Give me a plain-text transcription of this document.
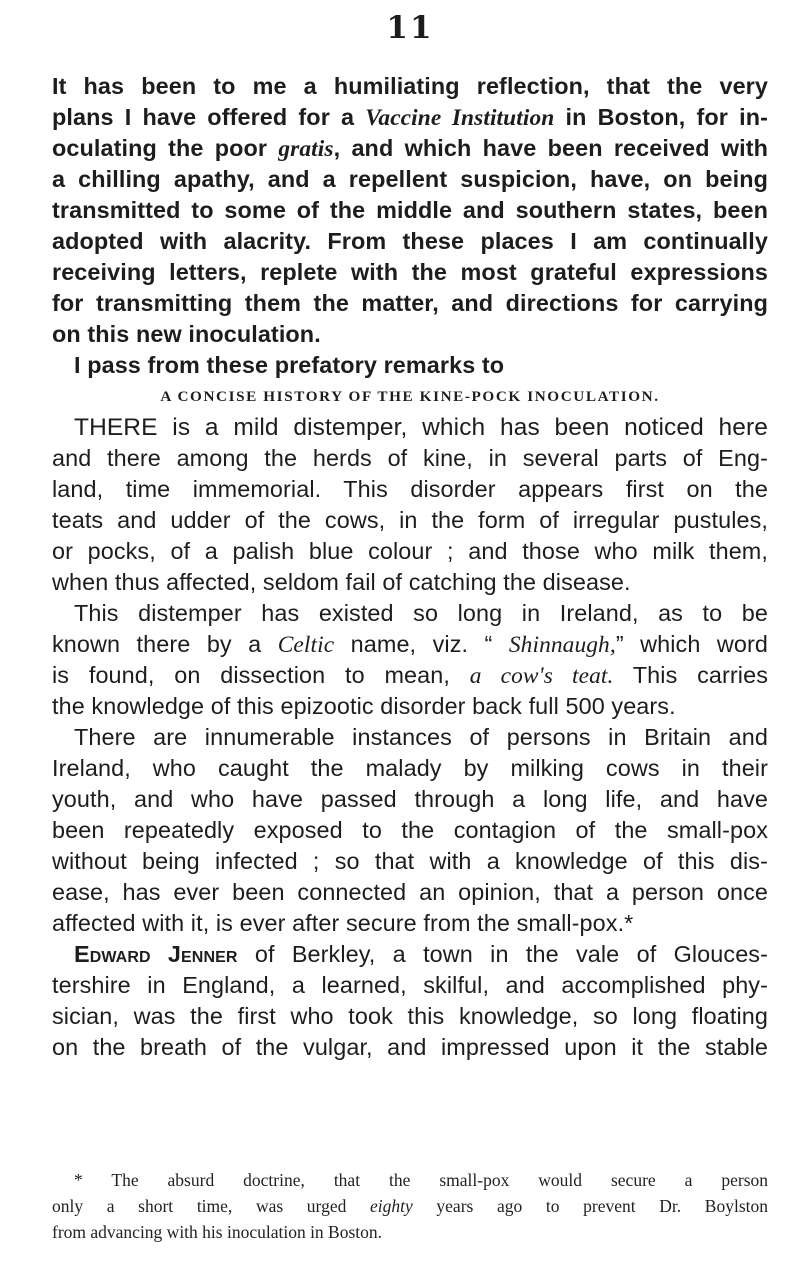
11
It has been to me a humiliating reflection, that the very
plans I have offered for a Vaccine Institution in Boston, for in-
oculating the poor gratis, and which have been received with
a chilling apathy, and a repellent suspicion, have, on being
transmitted to some of the middle and southern states, been
adopted with alacrity. From these places I am continually
receiving letters, replete with the most grateful expressions
for transmitting them the matter, and directions for carrying
on this new inoculation.
I pass from these prefatory remarks to
A CONCISE HISTORY OF THE KINE-POCK INOCULATION.
THERE is a mild distemper, which has been noticed here
and there among the herds of kine, in several parts of Eng-
land, time immemorial. This disorder appears first on the
teats and udder of the cows, in the form of irregular pustules,
or pocks, of a palish blue colour ; and those who milk them,
when thus affected, seldom fail of catching the disease.
This distemper has existed so long in Ireland, as to be
known there by a Celtic name, viz. “ Shinnaugh,” which word
is found, on dissection to mean, a cow's teat. This carries
the knowledge of this epizootic disorder back full 500 years.
There are innumerable instances of persons in Britain and
Ireland, who caught the malady by milking cows in their
youth, and who have passed through a long life, and have
been repeatedly exposed to the contagion of the small-pox
without being infected ; so that with a knowledge of this dis-
ease, has ever been connected an opinion, that a person once
affected with it, is ever after secure from the small-pox.*
Edward Jenner of Berkley, a town in the vale of Glouces-
tershire in England, a learned, skilful, and accomplished phy-
sician, was the first who took this knowledge, so long floating
on the breath of the vulgar, and impressed upon it the stable
* The absurd doctrine, that the small-pox would secure a person
only a short time, was urged eighty years ago to prevent Dr. Boylston
from advancing with his inoculation in Boston.
